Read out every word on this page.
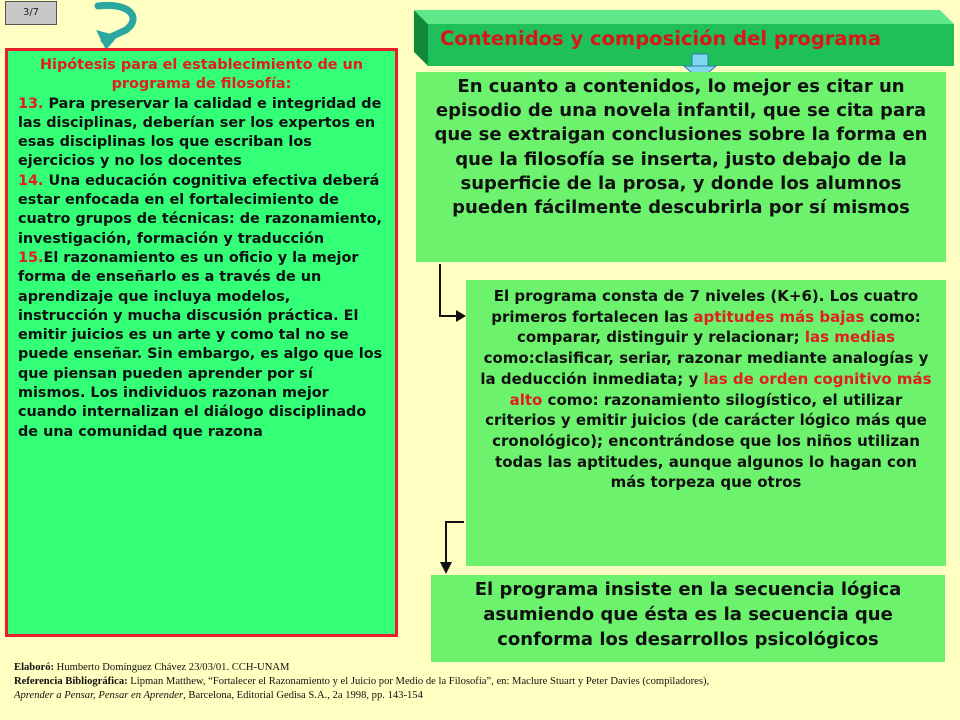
3/7
Contenidos y composición del programa
Hipótesis para el establecimiento de un programa de filosofía:
13. Para preservar la calidad e integridad de las disciplinas, deberían ser los expertos en esas disciplinas los que escriban los ejercicios y no los docentes
14. Una educación cognitiva efectiva deberá estar enfocada en el fortalecimiento de cuatro grupos de técnicas: de razonamiento, investigación, formación y traducción
15.El razonamiento es un oficio y la mejor forma de enseñarlo es a través de un aprendizaje que incluya modelos, instrucción y mucha discusión práctica. El emitir juicios es un arte y como tal no se puede enseñar. Sin embargo, es algo que los que piensan pueden aprender por sí mismos. Los individuos razonan mejor cuando internalizan el diálogo disciplinado de una comunidad que razona
En cuanto a contenidos, lo mejor es citar un episodio de una novela infantil, que se cita para que se extraigan conclusiones sobre la forma en que la filosofía se inserta, justo debajo de la superficie de la prosa, y donde los alumnos pueden fácilmente descubrirla por sí mismos
El programa consta de 7 niveles (K+6). Los cuatro primeros fortalecen las aptitudes más bajas como: comparar, distinguir y relacionar; las medias como:clasificar, seriar, razonar mediante analogías y la deducción inmediata; y las de orden cognitivo más alto como: razonamiento silogístico, el utilizar criterios y emitir juicios (de carácter lógico más que cronológico); encontrándose que los niños utilizan todas las aptitudes, aunque algunos lo hagan con más torpeza que otros
El programa insiste en la secuencia lógica asumiendo que ésta es la secuencia que conforma los desarrollos psicológicos
Elaboró: Humberto Domínguez Chávez 23/03/01. CCH-UNAM
Referencia Bibliográfica: Lipman Matthew, “Fortalecer el Razonamiento y el Juicio por Medio de la Filosofía”, en: Maclure Stuart y Peter Davies (compiladores),
Aprender a Pensar, Pensar en Aprender, Barcelona, Editorial Gedisa S.A., 2a 1998, pp. 143-154
